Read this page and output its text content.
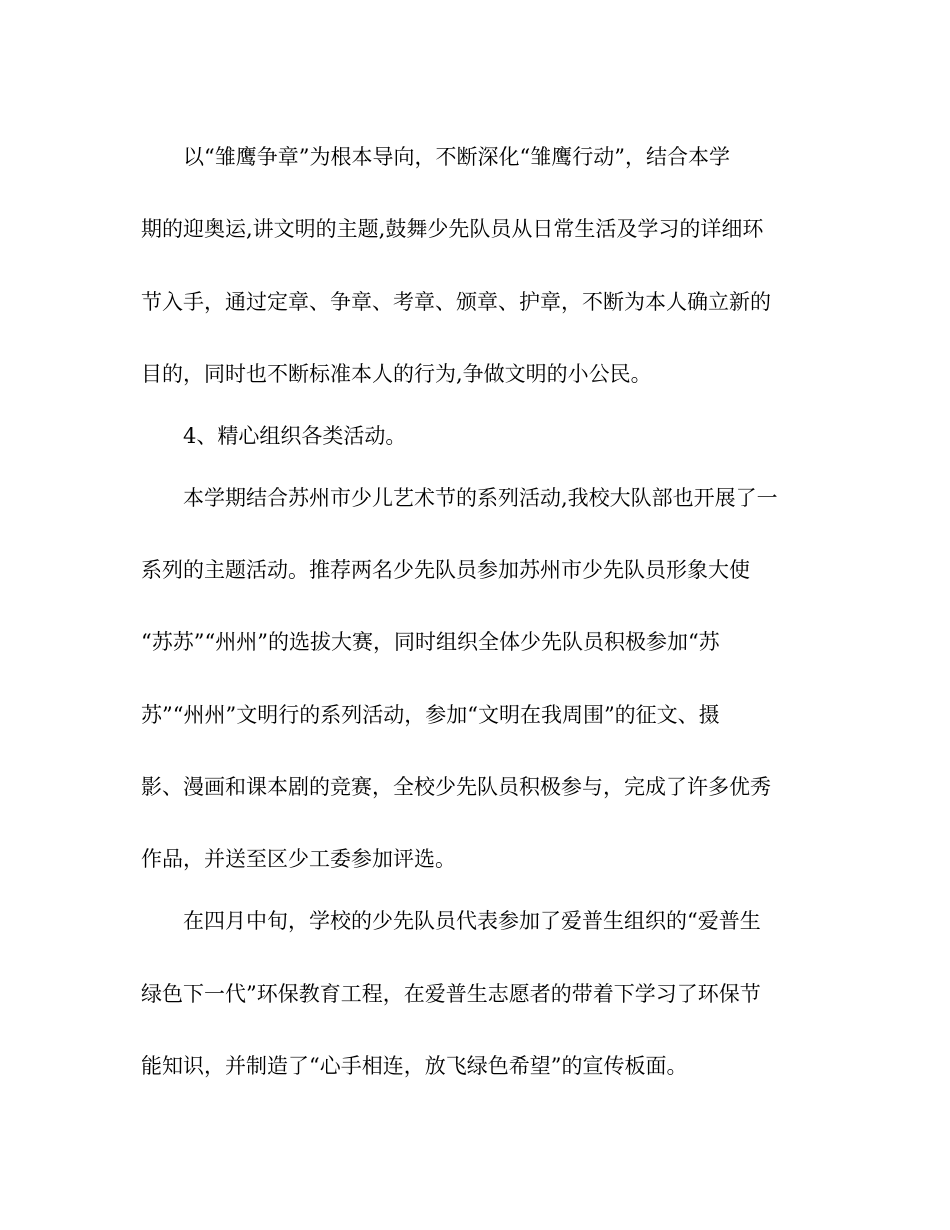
以“雏鹰争章”为根本导向，不断深化“雏鹰行动”，结合本学
期的迎奥运,讲文明的主题,鼓舞少先队员从日常生活及学习的详细环
节入手，通过定章、争章、考章、颁章、护章，不断为本人确立新的
目的，同时也不断标准本人的行为,争做文明的小公民。
4、精心组织各类活动。
本学期结合苏州市少儿艺术节的系列活动,我校大队部也开展了一
系列的主题活动。推荐两名少先队员参加苏州市少先队员形象大使
“苏苏”“州州”的选拔大赛，同时组织全体少先队员积极参加“苏
苏”“州州”文明行的系列活动，参加“文明在我周围”的征文、摄
影、漫画和课本剧的竞赛，全校少先队员积极参与，完成了许多优秀
作品，并送至区少工委参加评选。
在四月中旬，学校的少先队员代表参加了爱普生组织的“爱普生
绿色下一代”环保教育工程，在爱普生志愿者的带着下学习了环保节
能知识，并制造了“心手相连，放飞绿色希望”的宣传板面。
